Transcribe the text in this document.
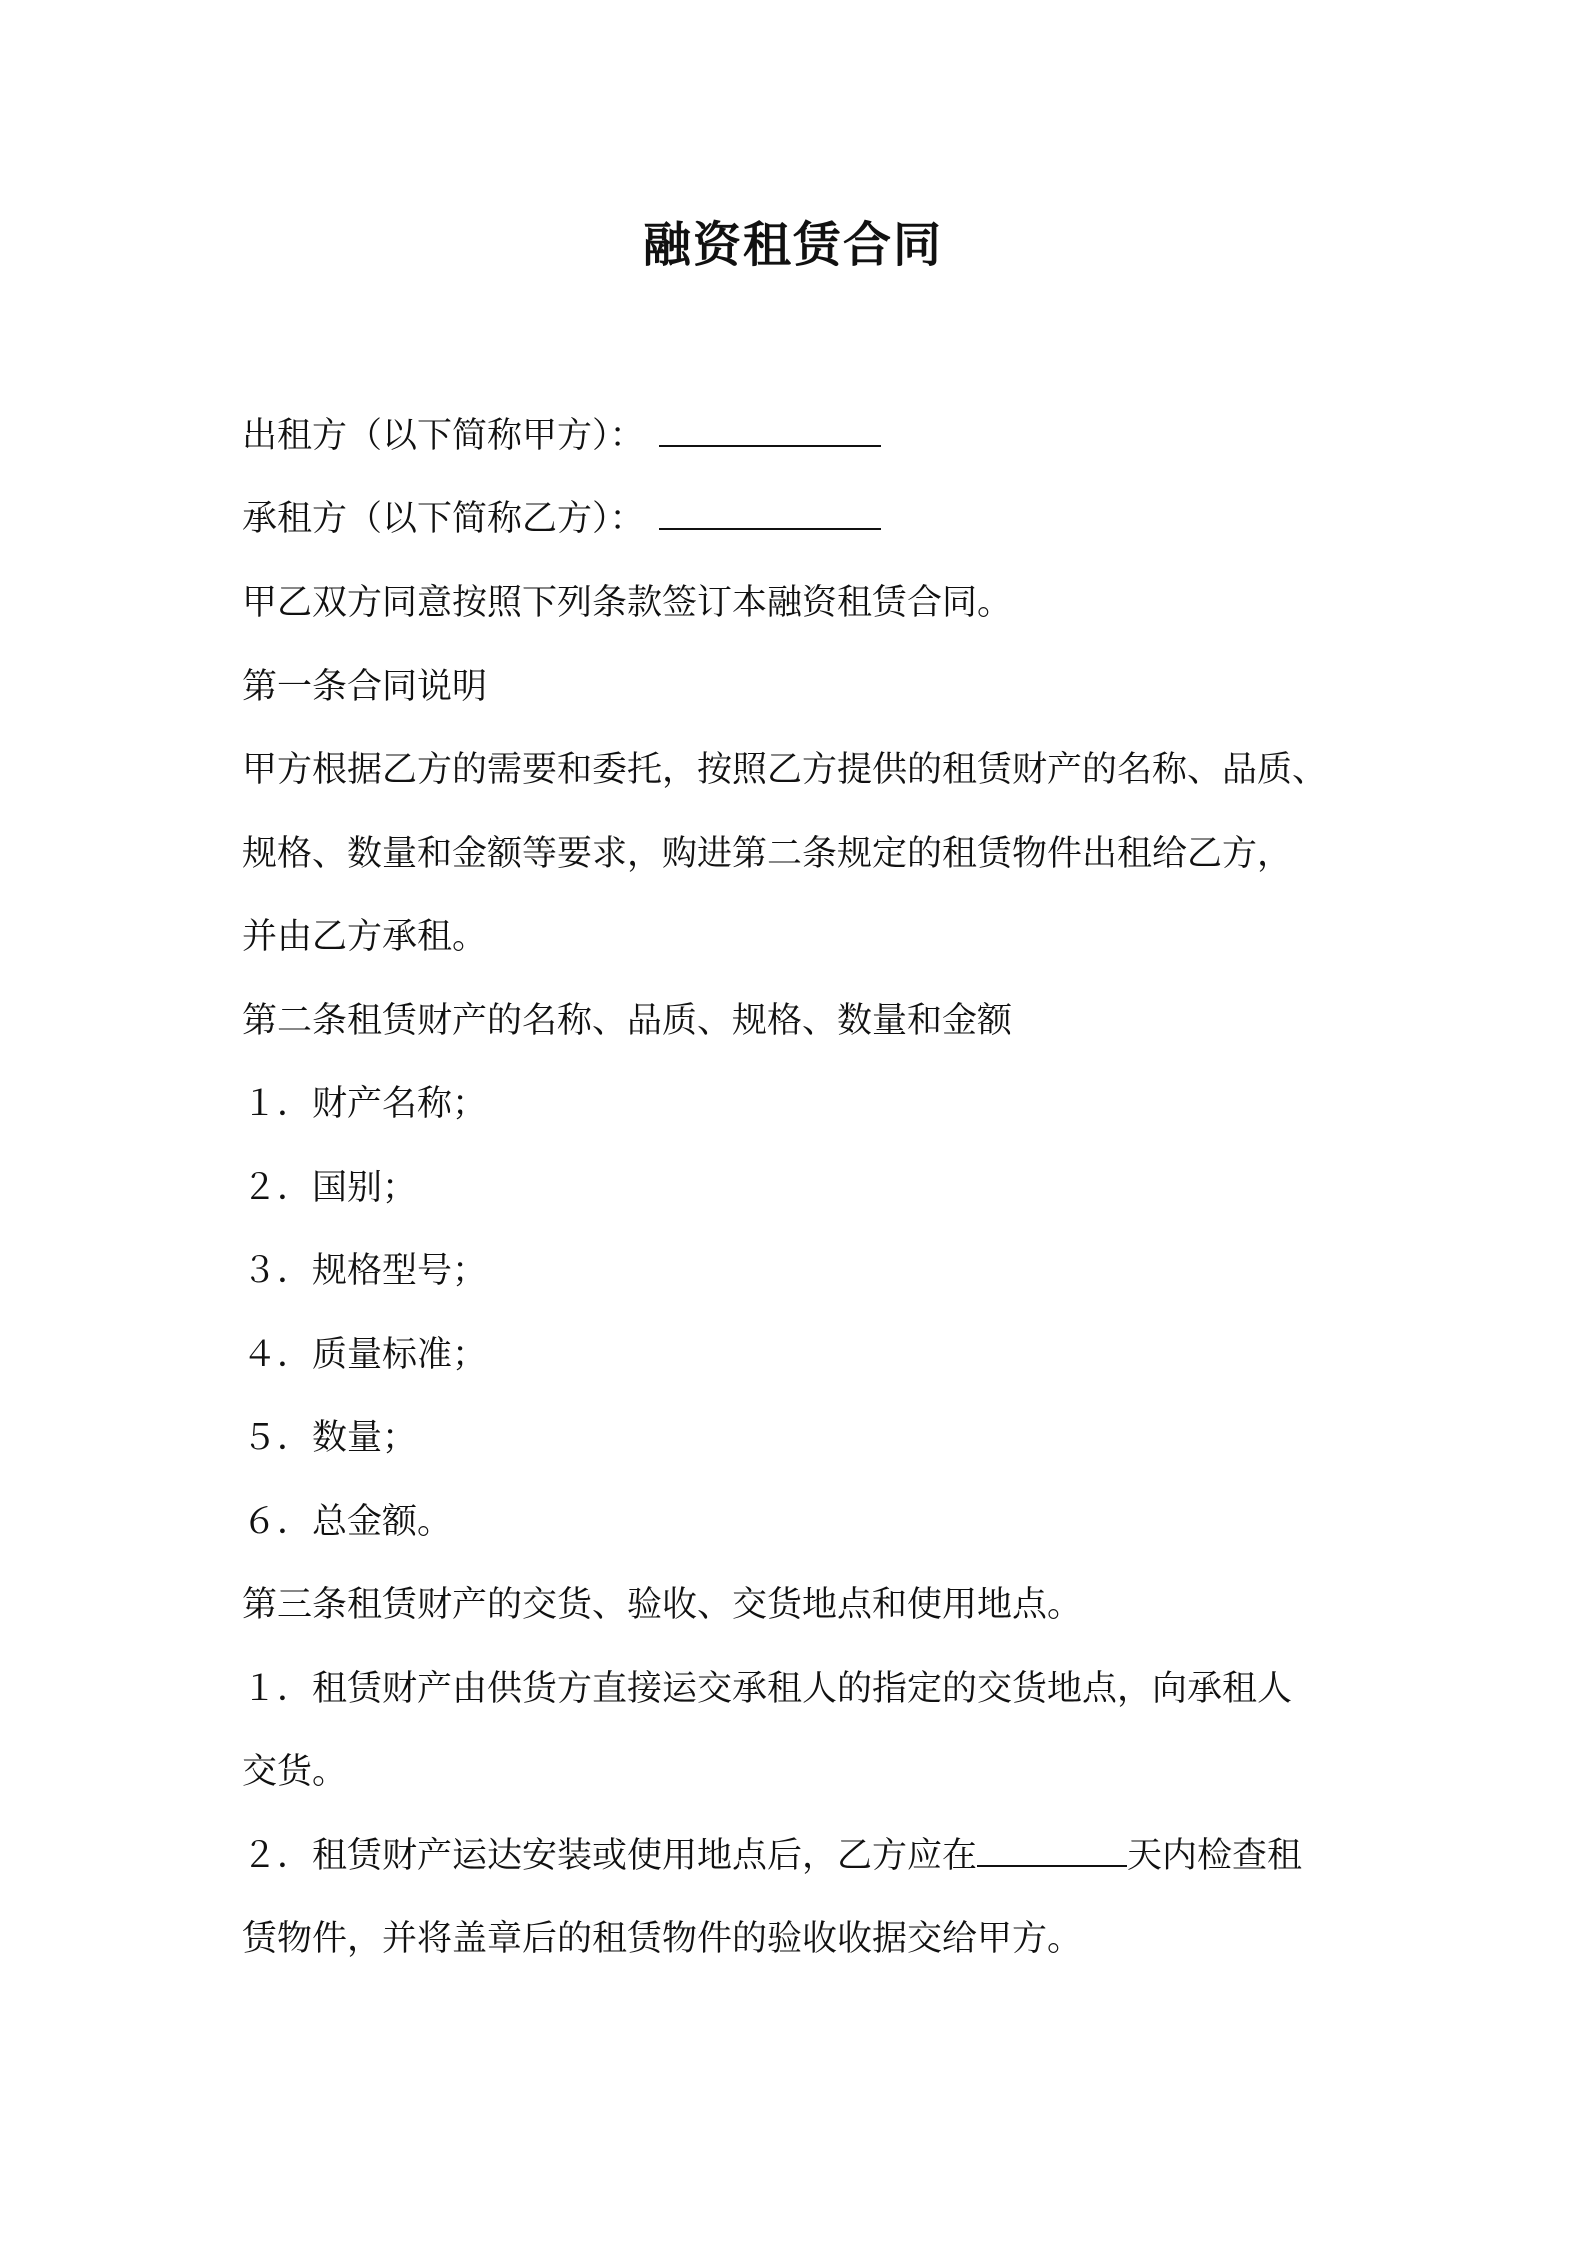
融资租赁合同
出租方（以下简称甲方）：
承租方（以下简称乙方）：
甲乙双方同意按照下列条款签订本融资租赁合同。
第一条合同说明
甲方根据乙方的需要和委托，按照乙方提供的租赁财产的名称、品质、
规格、数量和金额等要求，购进第二条规定的租赁物件出租给乙方，
并由乙方承租。
第二条租赁财产的名称、品质、规格、数量和金额
１．财产名称；
２．国别；
３．规格型号；
４．质量标准；
５．数量；
６．总金额。
第三条租赁财产的交货、验收、交货地点和使用地点。
１．租赁财产由供货方直接运交承租人的指定的交货地点，向承租人
交货。
２．租赁财产运达安装或使用地点后，乙方应在	天内检查租
赁物件，并将盖章后的租赁物件的验收收据交给甲方。
